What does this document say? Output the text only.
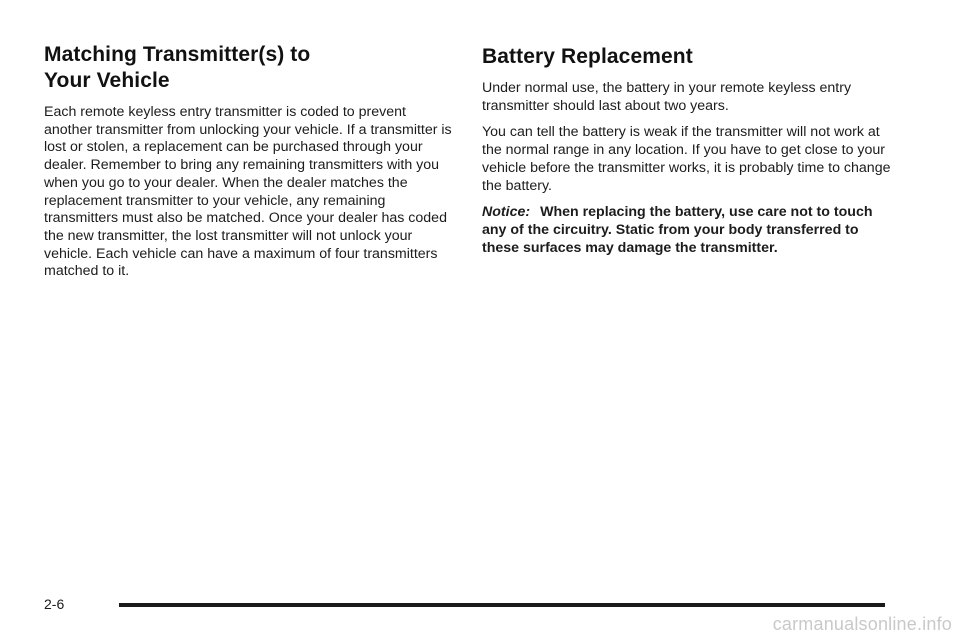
Matching Transmitter(s) to
Your Vehicle

Each remote keyless entry transmitter is coded to prevent another transmitter from unlocking your vehicle. If a transmitter is lost or stolen, a replacement can be purchased through your dealer. Remember to bring any remaining transmitters with you when you go to your dealer. When the dealer matches the replacement transmitter to your vehicle, any remaining transmitters must also be matched. Once your dealer has coded the new transmitter, the lost transmitter will not unlock your vehicle. Each vehicle can have a maximum of four transmitters matched to it.

Battery Replacement

Under normal use, the battery in your remote keyless entry transmitter should last about two years.

You can tell the battery is weak if the transmitter will not work at the normal range in any location. If you have to get close to your vehicle before the transmitter works, it is probably time to change the battery.

Notice: When replacing the battery, use care not to touch any of the circuitry. Static from your body transferred to these surfaces may damage the transmitter.

2-6
carmanualsonline.info
